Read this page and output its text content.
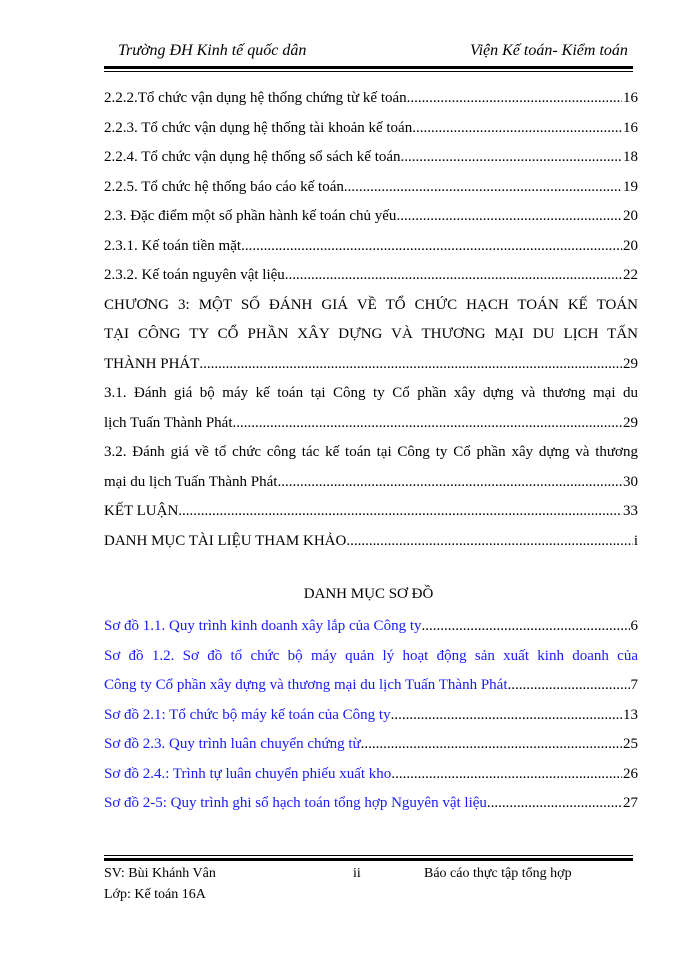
Trường ĐH Kinh tế quốc dân	Viện Kế toán- Kiểm toán
2.2.2.Tổ chức vận dụng hệ thống chứng từ kế toán .....	16
2.2.3. Tổ chức vận dụng hệ thống tài khoản kế toán .....	16
2.2.4. Tổ chức vận dụng hệ thống sổ sách kế toán .....	18
2.2.5. Tổ chức hệ thống báo cáo kế toán .....	19
2.3. Đặc điểm một số phần hành kế toán chủ yếu .....	20
2.3.1. Kế toán tiền mặt .....	20
2.3.2. Kế toán nguyên vật liệu .....	22
CHƯƠNG 3: MỘT SỐ ĐÁNH GIÁ VỀ TỔ CHỨC HẠCH TOÁN KẾ TOÁN
TẠI CÔNG TY CỔ PHẦN XÂY DỰNG VÀ THƯƠNG MẠI DU LỊCH TẤN
THÀNH PHÁT .....	29
3.1. Đánh giá bộ máy kế toán tại Công ty Cổ phần xây dựng và thương mại du
lịch Tuấn Thành Phát .....	29
3.2. Đánh giá về tổ chức công tác kế toán tại Công ty Cổ phần xây dựng và thương
mại du lịch Tuấn Thành Phát .....	30
KẾT LUẬN .....	33
DANH MỤC TÀI LIỆU THAM KHẢO .....	i
DANH MỤC SƠ ĐỒ
Sơ đồ 1.1. Quy trình kinh doanh xây lắp của Công ty .....	6
Sơ đồ 1.2. Sơ đồ tổ chức bộ máy quản lý hoạt động sản xuất kinh doanh của
Công ty Cổ phần xây dựng và thương mại du lịch Tuấn Thành Phát .....	7
Sơ đồ 2.1: Tổ chức bộ máy kế toán của Công ty .....	13
Sơ đồ 2.3. Quy trình luân chuyển chứng từ .....	25
Sơ đồ 2.4.: Trình tự luân chuyển phiếu xuất kho .....	26
Sơ đồ 2-5: Quy trình ghi sổ hạch toán tổng hợp Nguyên vật liệu .....	27
SV: Bùi Khánh Vân	ii	Báo cáo thực tập tổng hợp
Lớp: Kế toán 16A
